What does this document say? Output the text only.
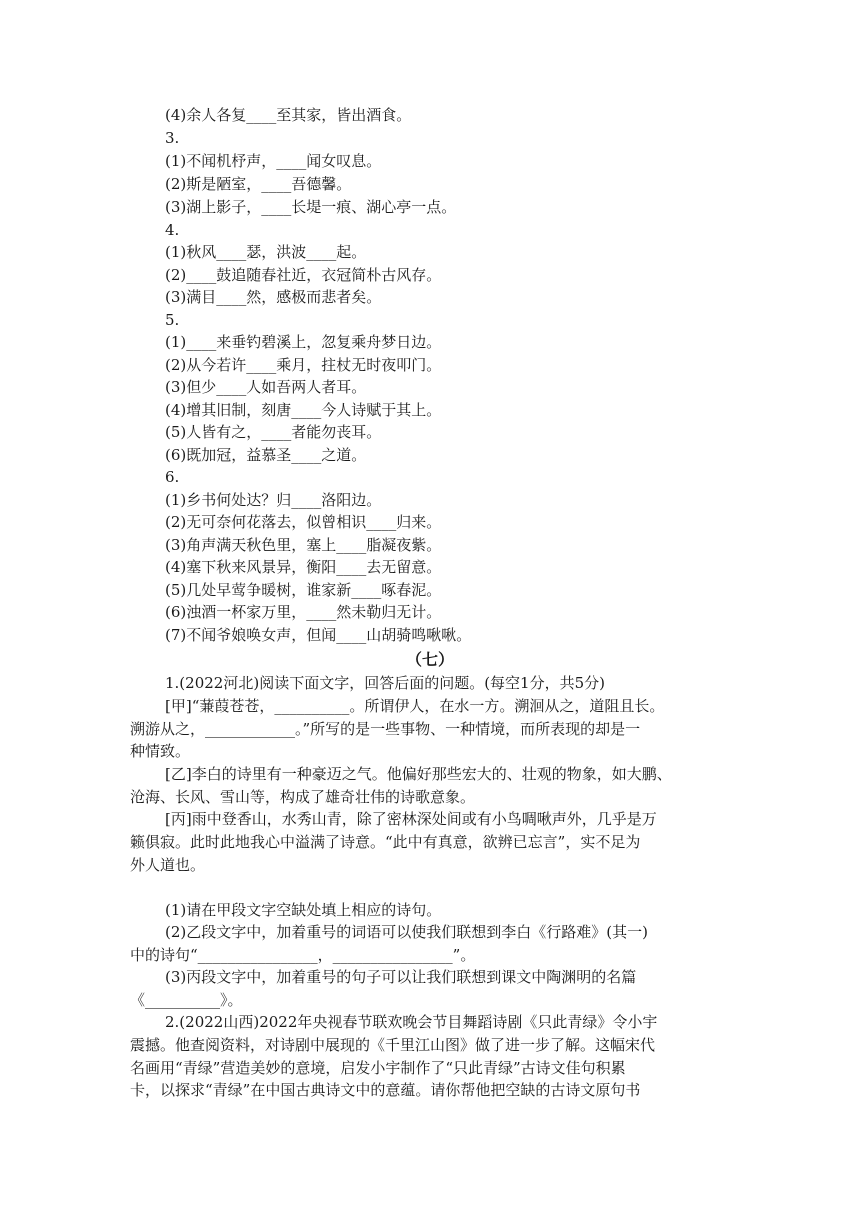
(4)余人各复____至其家，皆出酒食。
3.
(1)不闻机杼声，____闻女叹息。
(2)斯是陋室，____吾德馨。
(3)湖上影子，____长堤一痕、湖心亭一点。
4.
(1)秋风____瑟，洪波____起。
(2)____鼓追随春社近，衣冠简朴古风存。
(3)满目____然，感极而悲者矣。
5.
(1)____来垂钓碧溪上，忽复乘舟梦日边。
(2)从今若许____乘月，拄杖无时夜叩门。
(3)但少____人如吾两人者耳。
(4)增其旧制，刻唐____今人诗赋于其上。
(5)人皆有之，____者能勿丧耳。
(6)既加冠，益慕圣____之道。
6.
(1)乡书何处达？归____洛阳边。
(2)无可奈何花落去，似曾相识____归来。
(3)角声满天秋色里，塞上____脂凝夜紫。
(4)塞下秋来风景异，衡阳____去无留意。
(5)几处早莺争暖树，谁家新____啄春泥。
(6)浊酒一杯家万里，____然未勒归无计。
(7)不闻爷娘唤女声，但闻____山胡骑鸣啾啾。
（七）
1.(2022河北)阅读下面文字，回答后面的问题。(每空1分，共5分)
[甲]“蒹葭苍苍，__________。所谓伊人，在水一方。溯洄从之，道阻且长。
溯游从之，____________。”所写的是一些事物、一种情境，而所表现的却是一
种情致。
[乙]李白的诗里有一种豪迈之气。他偏好那些宏大的、壮观的物象，如大鹏、
沧海、长风、雪山等，构成了雄奇壮伟的诗歌意象。
[丙]雨中登香山，水秀山青，除了密林深处间或有小鸟啁啾声外，几乎是万
籁俱寂。此时此地我心中溢满了诗意。“此中有真意，欲辨已忘言”，实不足为
外人道也。
(1)请在甲段文字空缺处填上相应的诗句。
(2)乙段文字中，加着重号的词语可以使我们联想到李白《行路难》(其一)
中的诗句“________________，________________”。
(3)丙段文字中，加着重号的句子可以让我们联想到课文中陶渊明的名篇
《__________》。
2.(2022山西)2022年央视春节联欢晚会节目舞蹈诗剧《只此青绿》令小宇
震撼。他查阅资料，对诗剧中展现的《千里江山图》做了进一步了解。这幅宋代
名画用“青绿”营造美妙的意境，启发小宇制作了“只此青绿”古诗文佳句积累
卡，以探求“青绿”在中国古典诗文中的意蕴。请你帮他把空缺的古诗文原句书
